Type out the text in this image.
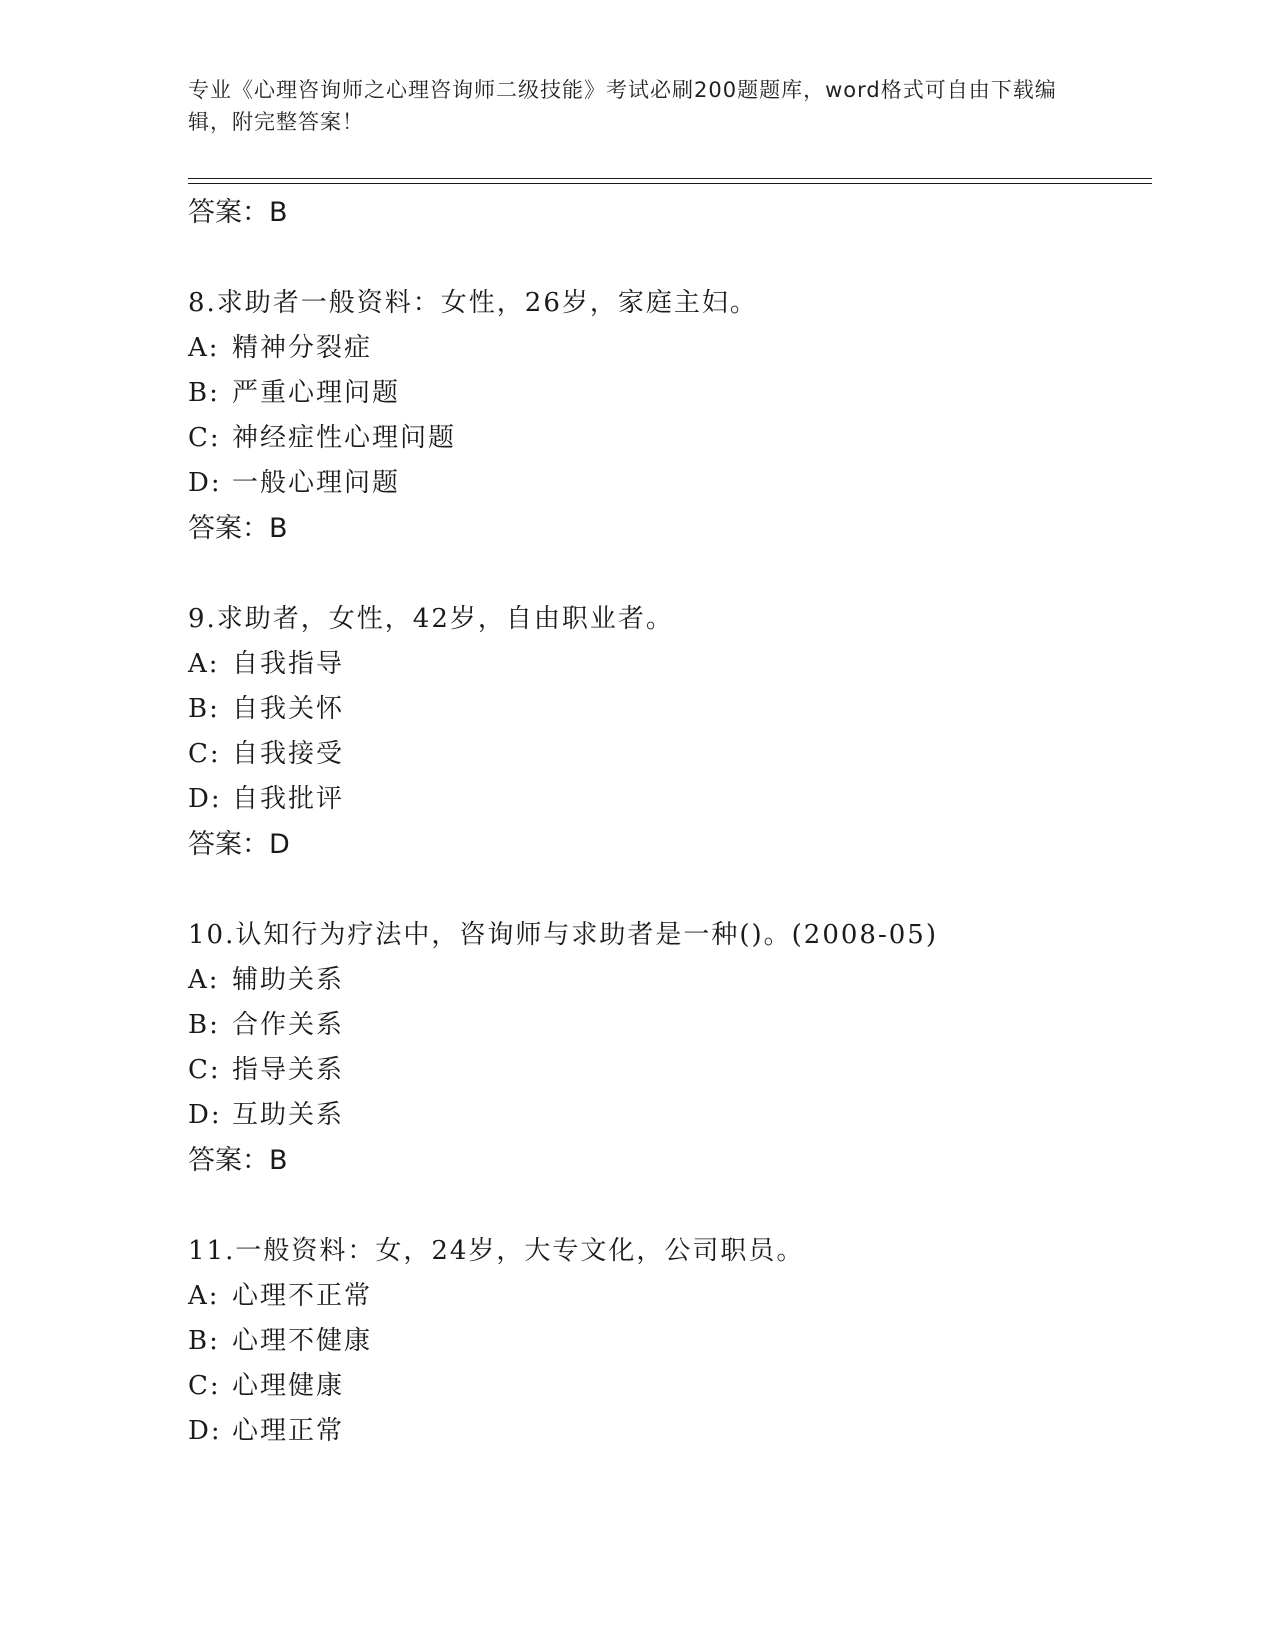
专业《心理咨询师之心理咨询师二级技能》考试必刷200题题库，word格式可自由下载编辑，附完整答案！

答案：B

8.求助者一般资料：女性，26岁，家庭主妇。

A: 精神分裂症

B: 严重心理问题

C: 神经症性心理问题

D: 一般心理问题

答案：B

9.求助者，女性，42岁，自由职业者。

A: 自我指导

B: 自我关怀

C: 自我接受

D: 自我批评

答案：D

10.认知行为疗法中，咨询师与求助者是一种()。(2008-05)

A: 辅助关系

B: 合作关系

C: 指导关系

D: 互助关系

答案：B

11.一般资料：女，24岁，大专文化，公司职员。

A: 心理不正常

B: 心理不健康

C: 心理健康

D: 心理正常
